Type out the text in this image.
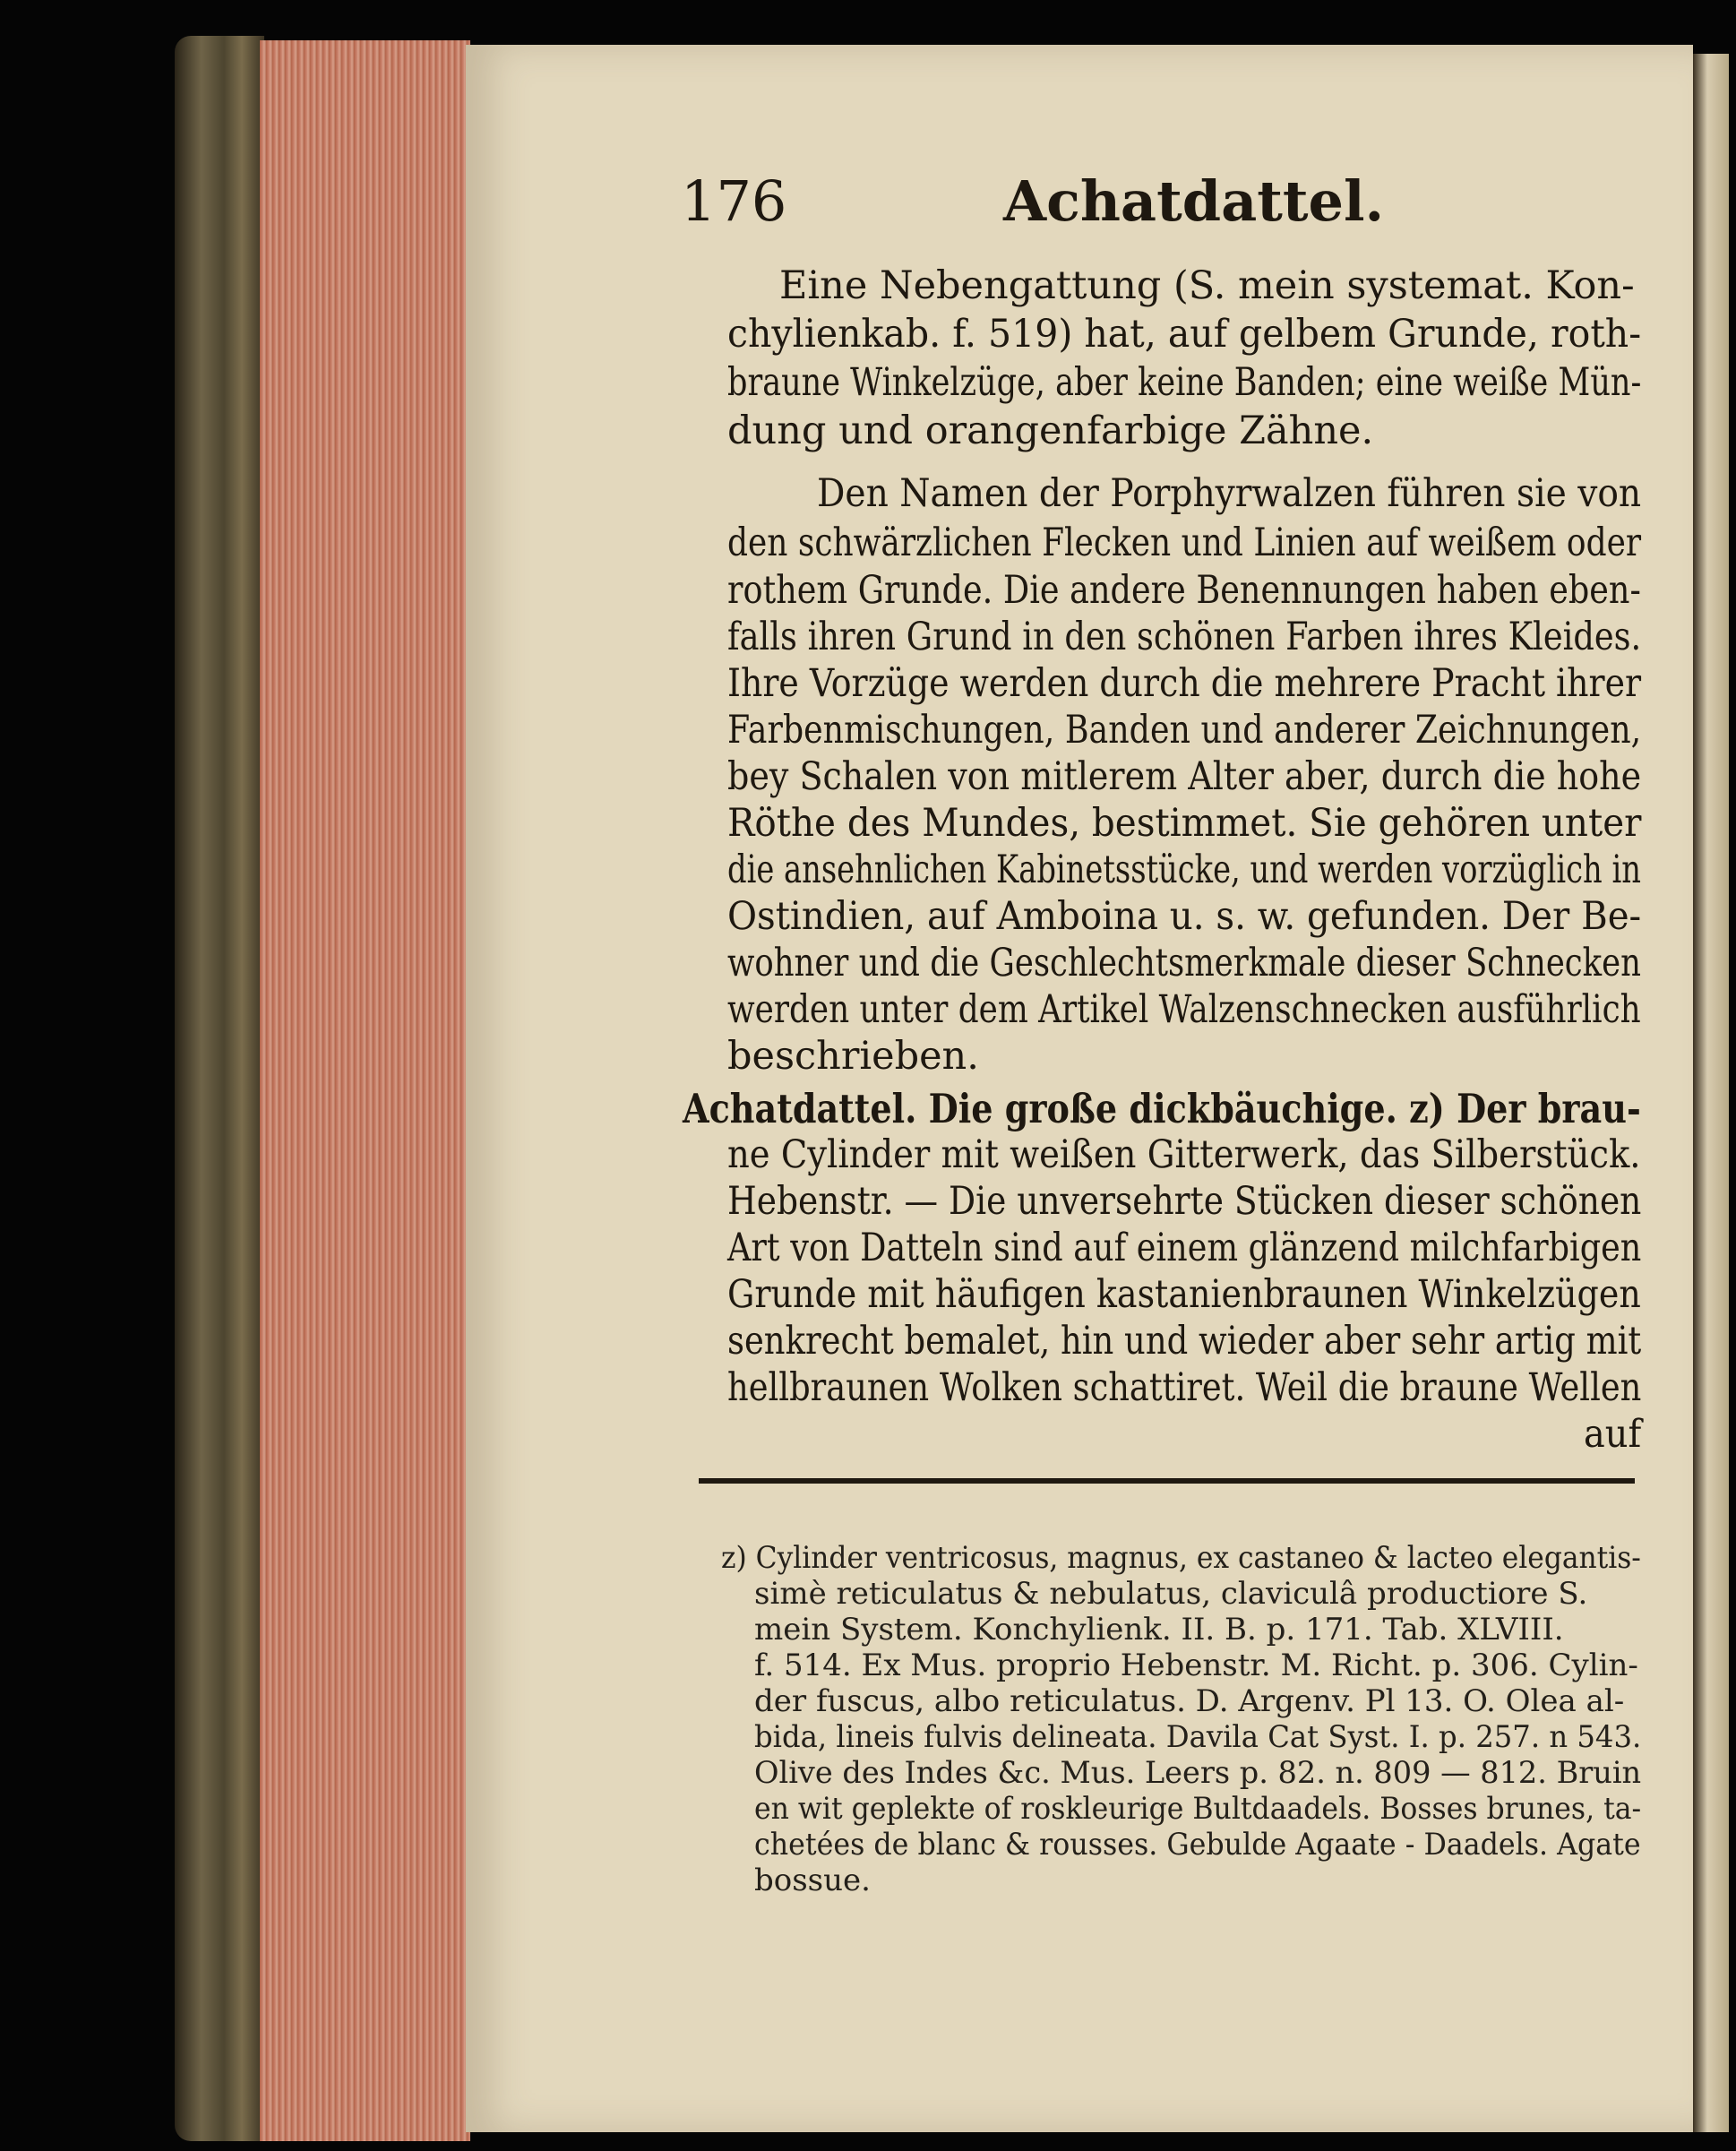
176	Achatdattel.
Eine Nebengattung (S. mein systemat. Kon-
chylienkab. f. 519) hat, auf gelbem Grunde, roth-
braune Winkelzüge, aber keine Banden; eine weiße Mün-
dung und orangenfarbige Zähne.
Den Namen der Porphyrwalzen führen sie von
den schwärzlichen Flecken und Linien auf weißem oder
rothem Grunde. Die andere Benennungen haben eben-
falls ihren Grund in den schönen Farben ihres Kleides.
Ihre Vorzüge werden durch die mehrere Pracht ihrer
Farbenmischungen, Banden und anderer Zeichnungen,
bey Schalen von mitlerem Alter aber, durch die hohe
Röthe des Mundes, bestimmet. Sie gehören unter
die ansehnlichen Kabinetsstücke, und werden vorzüglich in
Ostindien, auf Amboina u. s. w. gefunden. Der Be-
wohner und die Geschlechtsmerkmale dieser Schnecken
werden unter dem Artikel Walzenschnecken ausführlich
beschrieben.
Achatdattel. Die große dickbäuchige. z) Der brau-
ne Cylinder mit weißen Gitterwerk, das Silberstück.
Hebenstr. — Die unversehrte Stücken dieser schönen
Art von Datteln sind auf einem glänzend milchfarbigen
Grunde mit häufigen kastanienbraunen Winkelzügen
senkrecht bemalet, hin und wieder aber sehr artig mit
hellbraunen Wolken schattiret. Weil die braune Wellen
auf
z) Cylinder ventricosus, magnus, ex castaneo & lacteo elegantis-
simè reticulatus & nebulatus, claviculâ productiore S.
mein System. Konchylienk. II. B. p. 171. Tab. XLVIII.
f. 514. Ex Mus. proprio Hebenstr. M. Richt. p. 306. Cylin-
der fuscus, albo reticulatus. D. Argenv. Pl 13. O. Olea al-
bida, lineis fulvis delineata. Davila Cat Syst. I. p. 257. n 543.
Olive des Indes &c. Mus. Leers p. 82. n. 809 — 812. Bruin
en wit geplekte of roskleurige Bultdaadels. Bosses brunes, ta-
chetées de blanc & rousses. Gebulde Agaate - Daadels. Agate
bossue.
